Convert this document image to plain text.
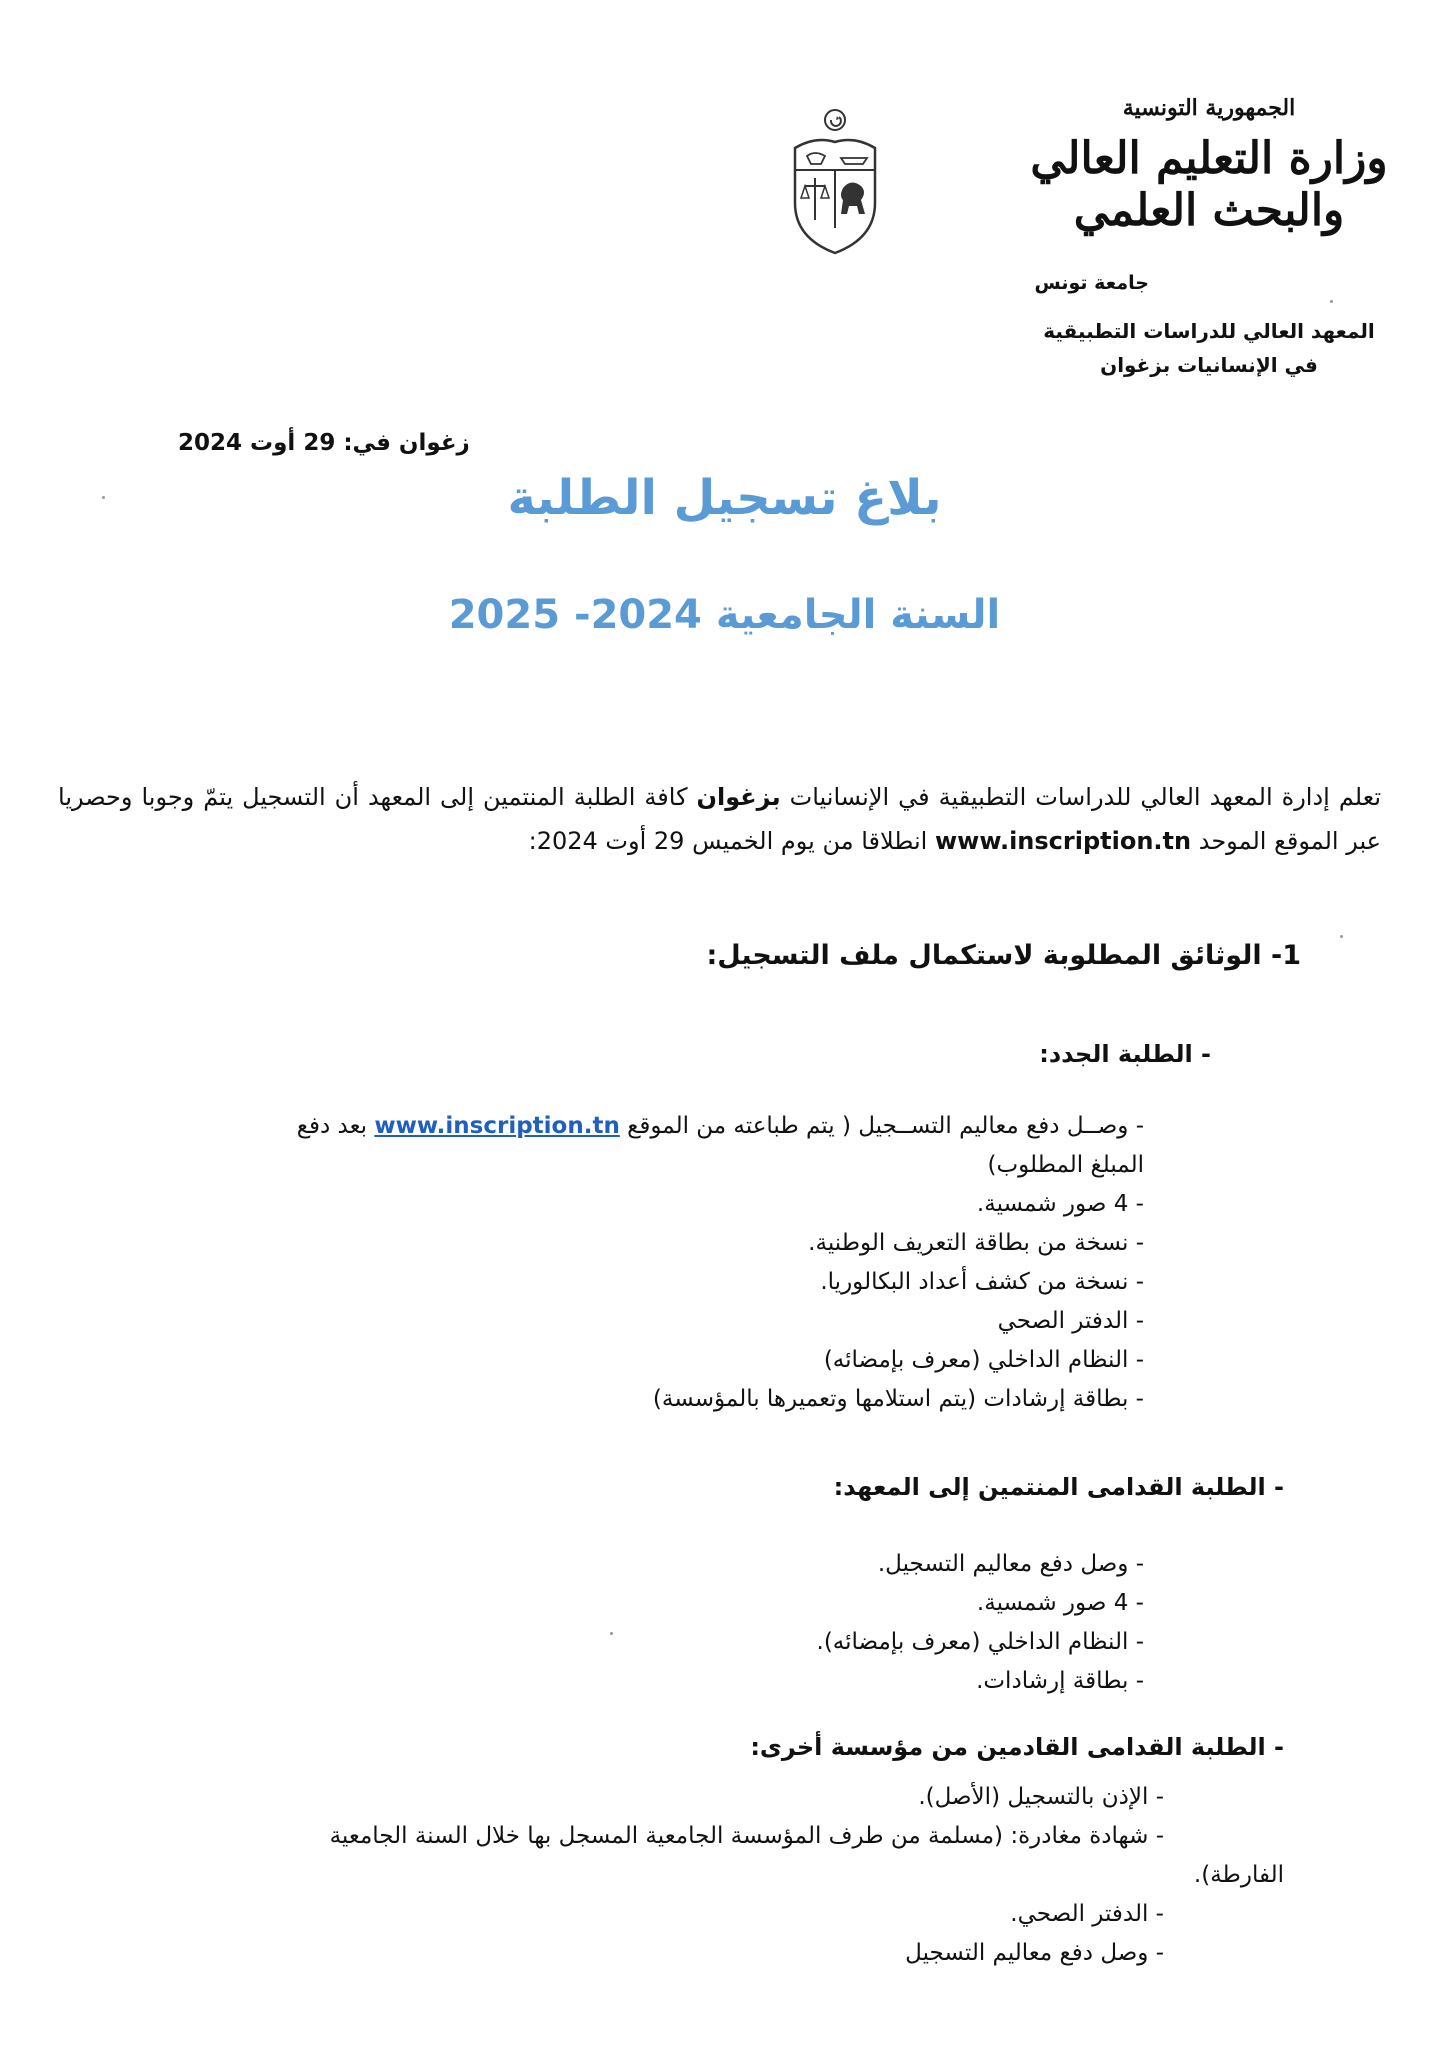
الجمهورية التونسية
وزارة التعليم العالي
والبحث العلمي
جامعة تونس
المعهد العالي للدراسات التطبيقية
في الإنسانيات بزغوان
زغوان في: 29 أوت 2024
بلاغ تسجيل الطلبة
السنة الجامعية 2024- 2025
تعلم إدارة المعهد العالي للدراسات التطبيقية في الإنسانيات بزغوان كافة الطلبة المنتمين إلى المعهد أن التسجيل يتمّ وجوبا وحصريا عبر الموقع الموحد www.inscription.tn انطلاقا من يوم الخميس 29 أوت 2024:
1- الوثائق المطلوبة لاستكمال ملف التسجيل:
- الطلبة الجدد:
- وصــل دفع معاليم التســجيل ( يتم طباعته من الموقع www.inscription.tn بعد دفع
المبلغ المطلوب)
- 4 صور شمسية.
- نسخة من بطاقة التعريف الوطنية.
- نسخة من كشف أعداد البكالوريا.
- الدفتر الصحي
- النظام الداخلي (معرف بإمضائه)
- بطاقة إرشادات (يتم استلامها وتعميرها بالمؤسسة)
- الطلبة القدامى المنتمين إلى المعهد:
- وصل دفع معاليم التسجيل.
- 4 صور شمسية.
- النظام الداخلي (معرف بإمضائه).
- بطاقة إرشادات.
- الطلبة القدامى القادمين من مؤسسة أخرى:
- الإذن بالتسجيل (الأصل).
- شهادة مغادرة: (مسلمة من طرف المؤسسة الجامعية المسجل بها خلال السنة الجامعية
الفارطة).
- الدفتر الصحي.
- وصل دفع معاليم التسجيل
